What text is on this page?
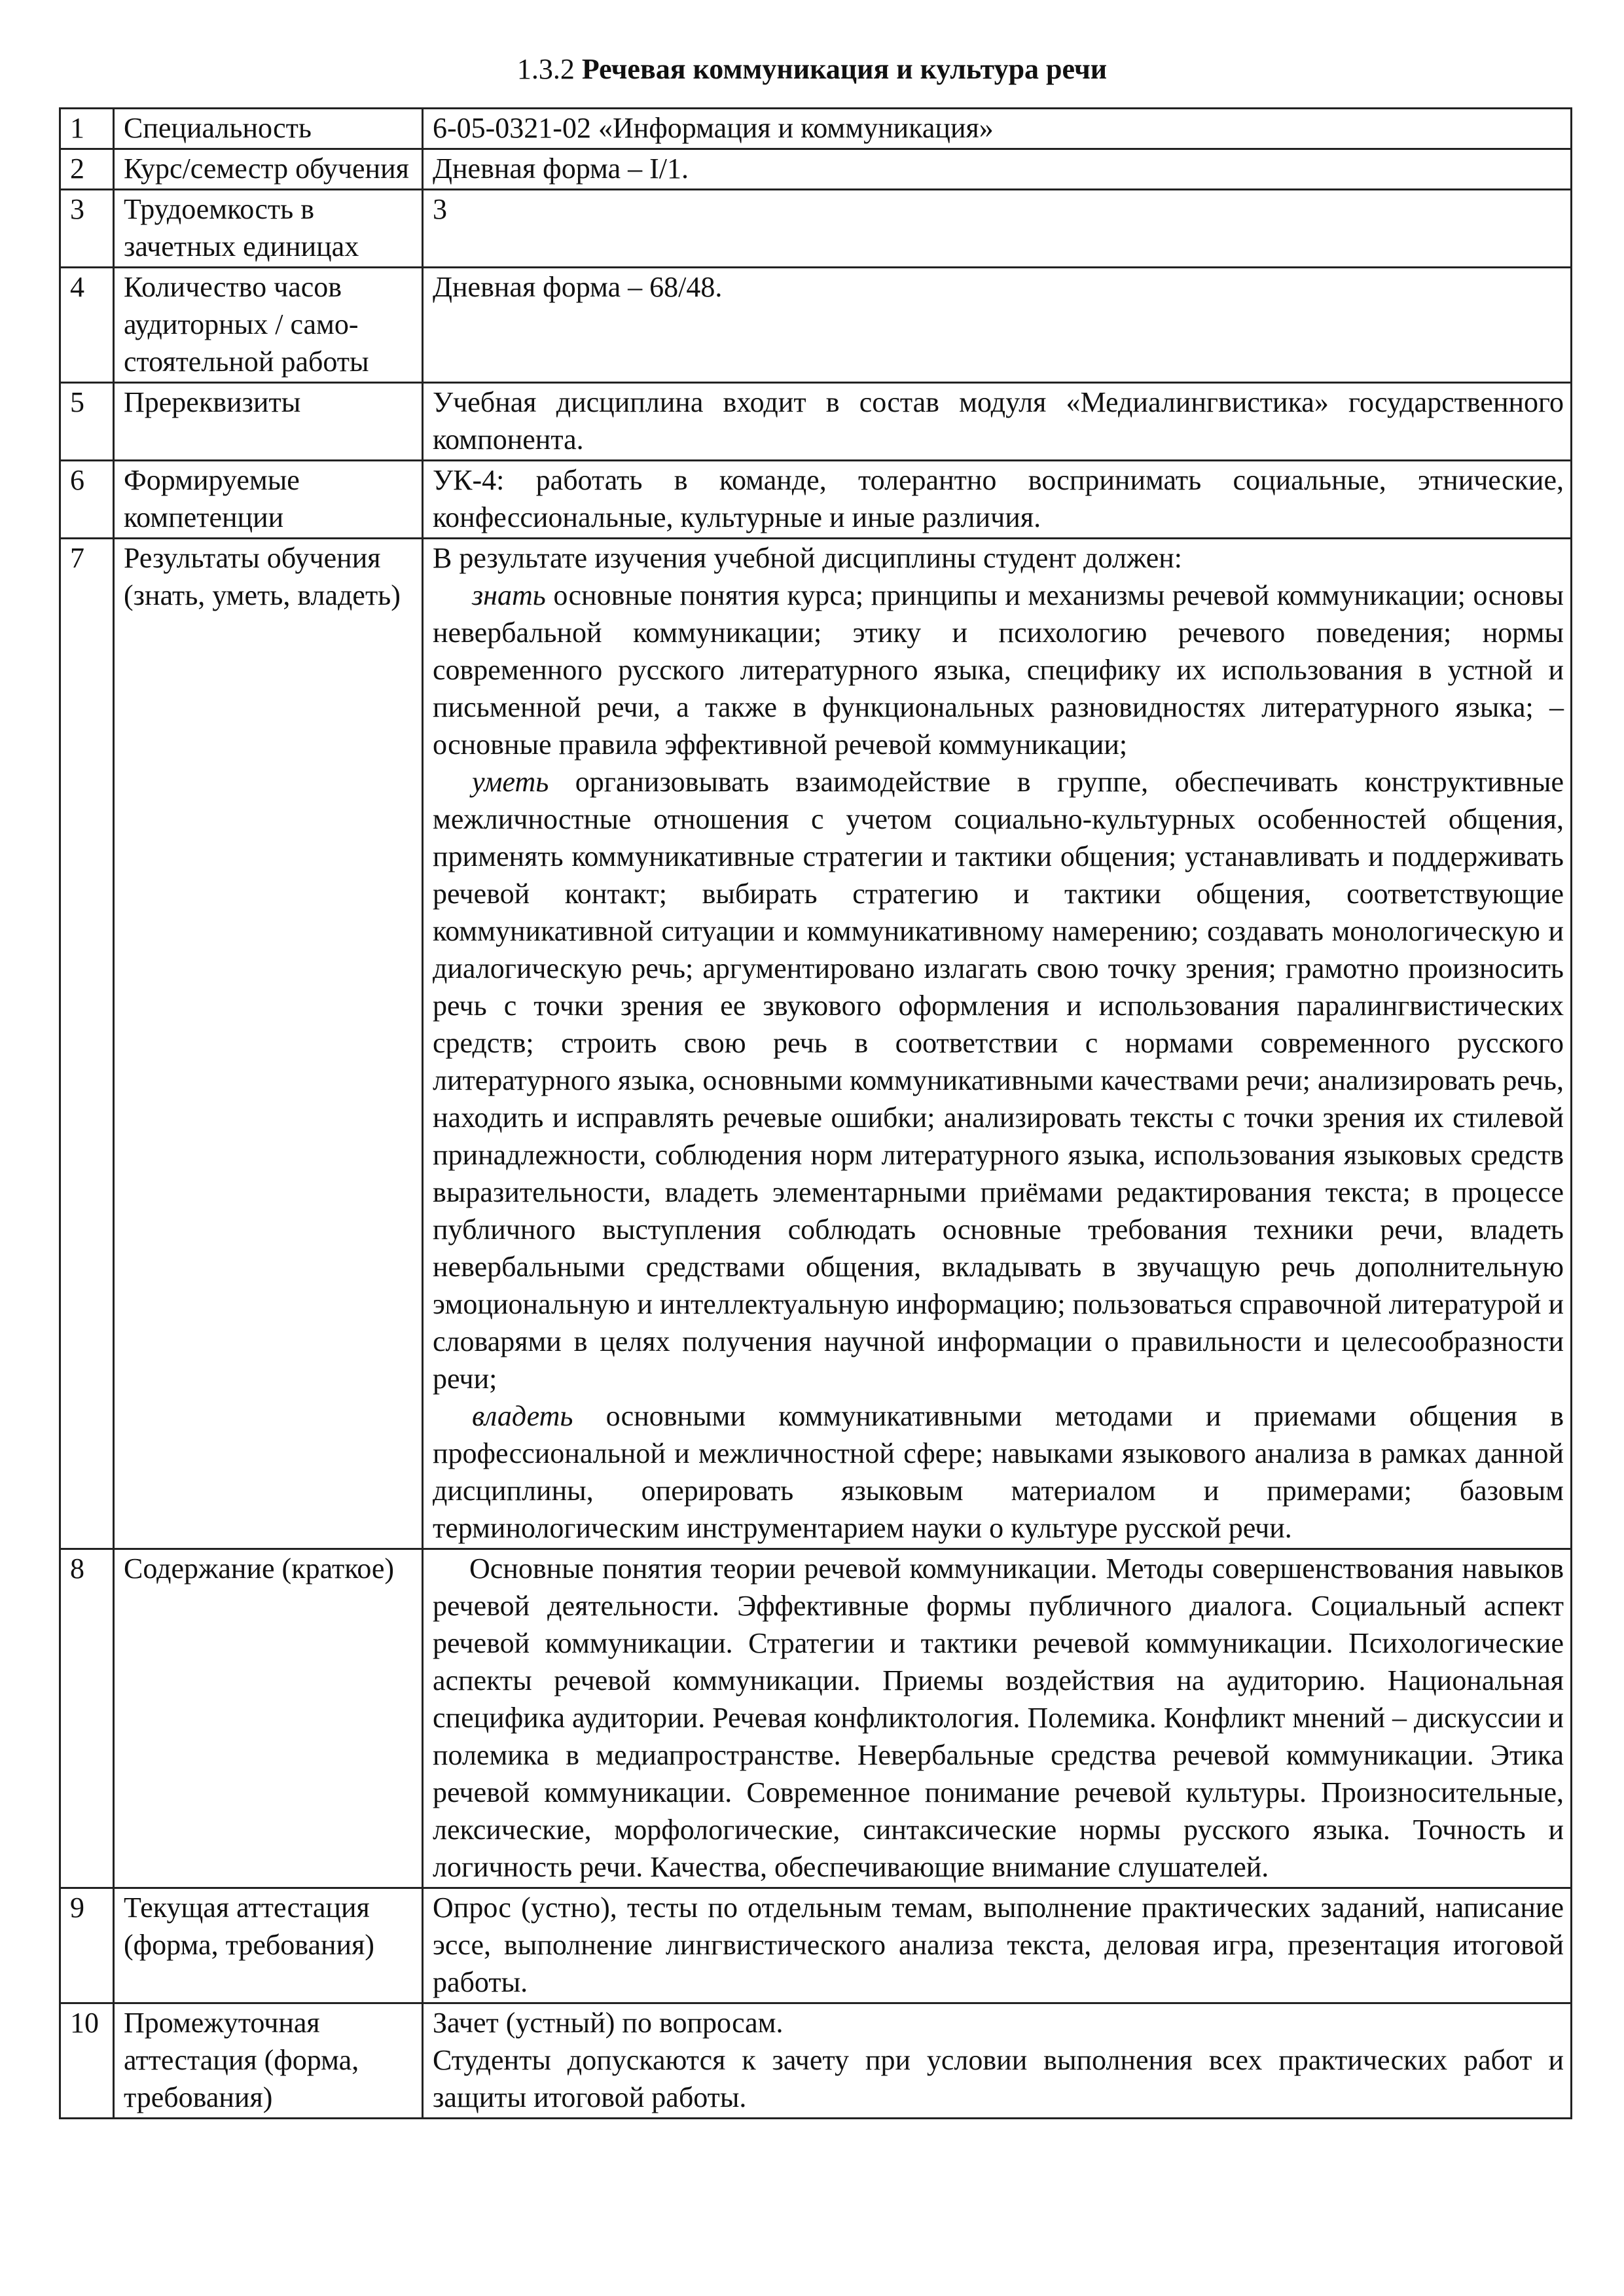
1.3.2 Речевая коммуникация и культура речи
1	Специальность	6-05-0321-02 «Информация и коммуникация»
2	Курс/семестр обучения	Дневная форма – I/1.
3	Трудоемкость в зачетных единицах	3
4	Количество часов аудиторных / само-стоятельной работы	Дневная форма – 68/48.
5	Пререквизиты	Учебная дисциплина входит в состав модуля «Медиалингвистика» государственного компонента.
6	Формируемые компетенции	УК-4: работать в команде, толерантно воспринимать социальные, этнические, конфессиональные, культурные и иные различия.
7	Результаты обучения (знать, уметь, владеть)	В результате изучения учебной дисциплины студент должен:
знать основные понятия курса; принципы и механизмы речевой коммуникации; основы невербальной коммуникации; этику и психологию речевого поведения; нормы современного русского литературного языка, специфику их использования в устной и письменной речи, а также в функциональных разновидностях литературного языка; – основные правила эффективной речевой коммуникации;
уметь организовывать взаимодействие в группе, обеспечивать конструктивные межличностные отношения с учетом социально-культурных особенностей общения, применять коммуникативные стратегии и тактики общения; устанавливать и поддерживать речевой контакт; выбирать стратегию и тактики общения, соответствующие коммуникативной ситуации и коммуникативному намерению; создавать монологическую и диалогическую речь; аргументировано излагать свою точку зрения; грамотно произносить речь с точки зрения ее звукового оформления и использования паралингвистических средств; строить свою речь в соответствии с нормами современного русского литературного языка, основными коммуникативными качествами речи; анализировать речь, находить и исправлять речевые ошибки; анализировать тексты с точки зрения их стилевой принадлежности, соблюдения норм литературного языка, использования языковых средств выразительности, владеть элементарными приёмами редактирования текста; в процессе публичного выступления соблюдать основные требования техники речи, владеть невербальными средствами общения, вкладывать в звучащую речь дополнительную эмоциональную и интеллектуальную информацию; пользоваться справочной литературой и словарями в целях получения научной информации о правильности и целесообразности речи;
владеть основными коммуникативными методами и приемами общения в профессиональной и межличностной сфере; навыками языкового анализа в рамках данной дисциплины, оперировать языковым материалом и примерами; базовым терминологическим инструментарием науки о культуре русской речи.

8	Содержание (краткое)	Основные понятия теории речевой коммуникации. Методы совершенствования навыков речевой деятельности. Эффективные формы публичного диалога. Социальный аспект речевой коммуникации. Стратегии и тактики речевой коммуникации. Психологические аспекты речевой коммуникации. Приемы воздействия на аудиторию. Национальная специфика аудитории. Речевая конфликтология. Полемика. Конфликт мнений – дискуссии и полемика в медиапространстве. Невербальные средства речевой коммуникации. Этика речевой коммуникации. Современное понимание речевой культуры. Произносительные, лексические, морфологические, синтаксические нормы русского языка. Точность и логичность речи. Качества, обеспечивающие внимание слушателей.

9	Текущая аттестация (форма, требования)	Опрос (устно), тесты по отдельным темам, выполнение практических заданий, написание эссе, выполнение лингвистического анализа текста, деловая игра, презентация итоговой работы.
10	Промежуточная аттестация (форма, требования)	Зачет (устный) по вопросам.
Студенты допускаются к зачету при условии выполнения всех практических работ и защиты итоговой работы.
